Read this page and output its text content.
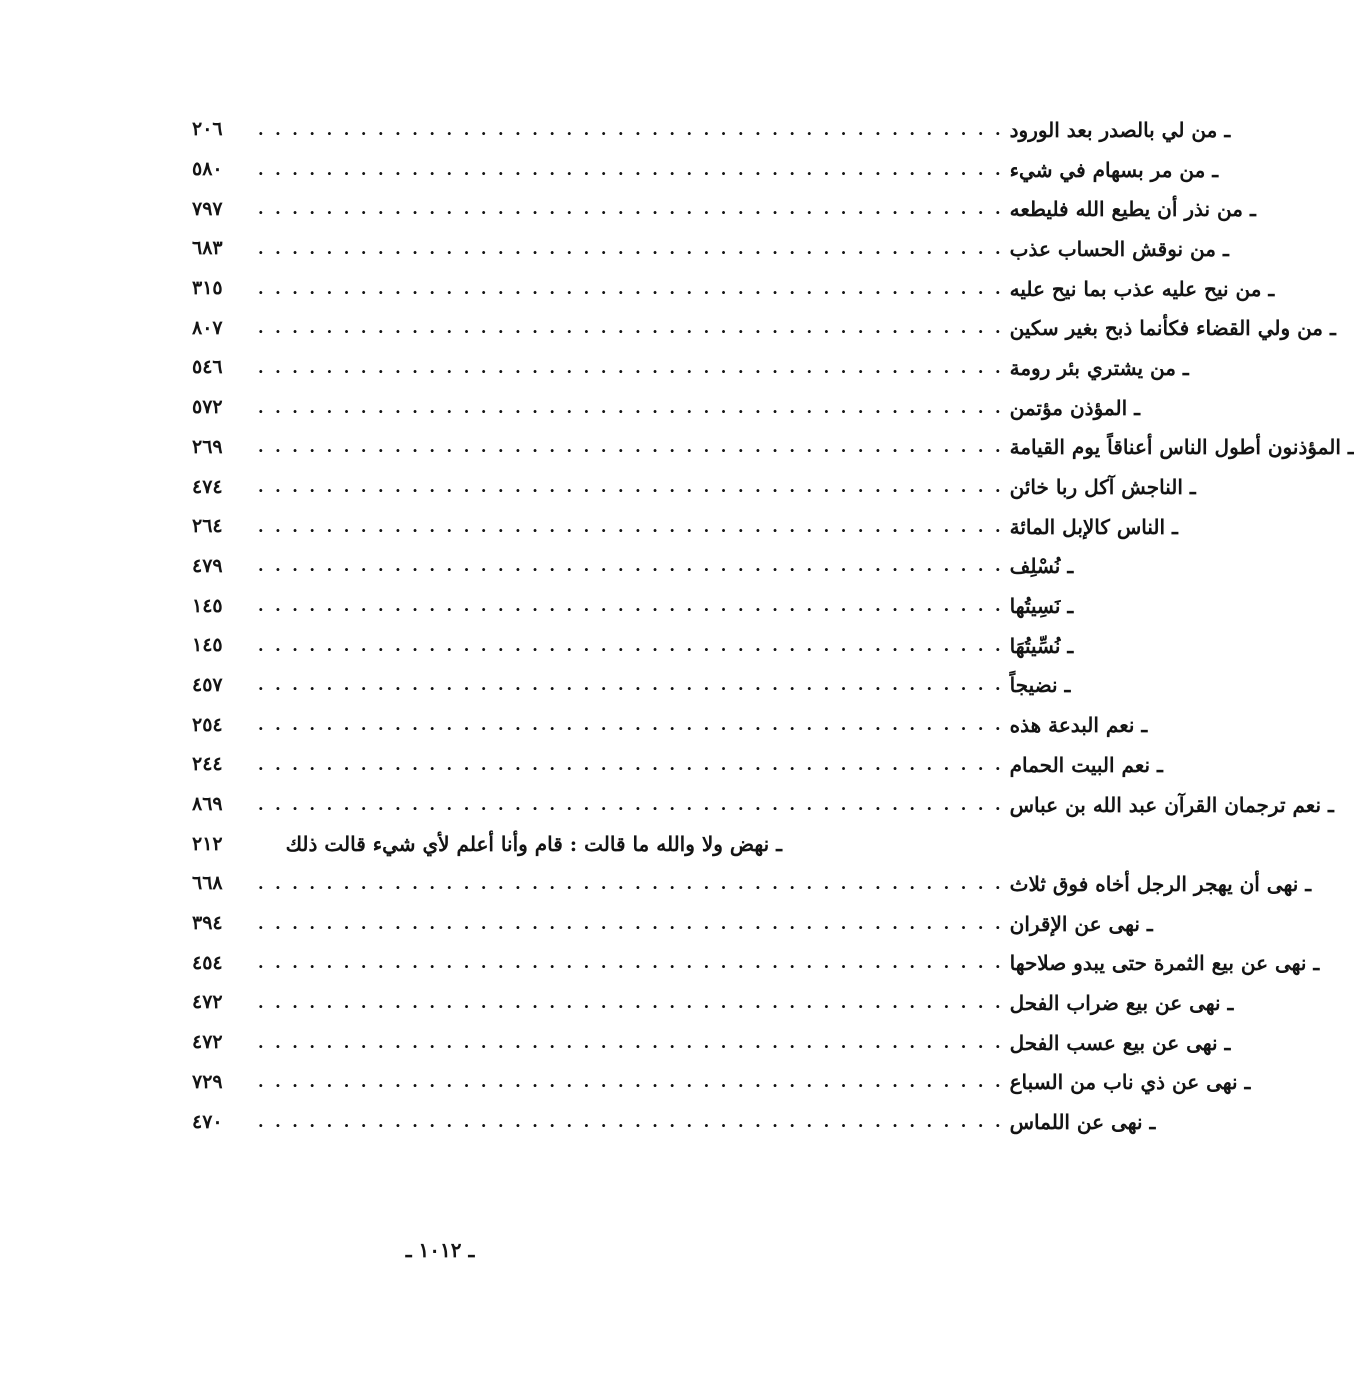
٢٠٦	. . . . . . . . . . . . . . . . . . . . . . . . . . . . . . . . . . . . . . . . . . . . ـ من لي بالصدر بعد الورود
٥٨٠	. . . . . . . . . . . . . . . . . . . . . . . . . . . . . . . . . . . . . . . . . . . . ـ من مر بسهام في شيء
٧٩٧	. . . . . . . . . . . . . . . . . . . . . . . . . . . . . . . . . . . . . . . . . . . . ـ من نذر أن يطيع الله فليطعه
٦٨٣	. . . . . . . . . . . . . . . . . . . . . . . . . . . . . . . . . . . . . . . . . . . . ـ من نوقش الحساب عذب
٣١٥	. . . . . . . . . . . . . . . . . . . . . . . . . . . . . . . . . . . . . . . . . . . . ـ من نيح عليه عذب بما نيح عليه
٨٠٧	. . . . . . . . . . . . . . . . . . . . . . . . . . . . . . . . . . . . . . . . . . . . ـ من ولي القضاء فكأنما ذبح بغير سكين
٥٤٦	. . . . . . . . . . . . . . . . . . . . . . . . . . . . . . . . . . . . . . . . . . . . ـ من يشتري بئر رومة
٥٧٢	. . . . . . . . . . . . . . . . . . . . . . . . . . . . . . . . . . . . . . . . . . . . ـ المؤذن مؤتمن
٢٦٩	. . . . . . . . . . . . . . . . . . . . . . . . . . . . . . . . . . . . . . . . . . . . ـ المؤذنون أطول الناس أعناقاً يوم القيامة
٤٧٤	. . . . . . . . . . . . . . . . . . . . . . . . . . . . . . . . . . . . . . . . . . . . ـ الناجش آكل ربا خائن
٢٦٤	. . . . . . . . . . . . . . . . . . . . . . . . . . . . . . . . . . . . . . . . . . . . ـ الناس كالإبل المائة
٤٧٩	. . . . . . . . . . . . . . . . . . . . . . . . . . . . . . . . . . . . . . . . . . . . ـ نُسْلِف
١٤٥	. . . . . . . . . . . . . . . . . . . . . . . . . . . . . . . . . . . . . . . . . . . . ـ نَسِيتُها
١٤٥	. . . . . . . . . . . . . . . . . . . . . . . . . . . . . . . . . . . . . . . . . . . . ـ نُسِّيتُهَا
٤٥٧	. . . . . . . . . . . . . . . . . . . . . . . . . . . . . . . . . . . . . . . . . . . . ـ نضيجاً
٢٥٤	. . . . . . . . . . . . . . . . . . . . . . . . . . . . . . . . . . . . . . . . . . . . ـ نعم البدعة هذه
٢٤٤	. . . . . . . . . . . . . . . . . . . . . . . . . . . . . . . . . . . . . . . . . . . . ـ نعم البيت الحمام
٨٦٩	. . . . . . . . . . . . . . . . . . . . . . . . . . . . . . . . . . . . . . . . . . . . ـ نعم ترجمان القرآن عبد الله بن عباس
٢١٢	ـ نهض ولا والله ما قالت : قام وأنا أعلم لأي شيء قالت ذلك
٦٦٨	. . . . . . . . . . . . . . . . . . . . . . . . . . . . . . . . . . . . . . . . . . . . ـ نهى أن يهجر الرجل أخاه فوق ثلاث
٣٩٤	. . . . . . . . . . . . . . . . . . . . . . . . . . . . . . . . . . . . . . . . . . . . ـ نهى عن الإقران
٤٥٤	. . . . . . . . . . . . . . . . . . . . . . . . . . . . . . . . . . . . . . . . . . . . ـ نهى عن بيع الثمرة حتى يبدو صلاحها
٤٧٢	. . . . . . . . . . . . . . . . . . . . . . . . . . . . . . . . . . . . . . . . . . . . ـ نهى عن بيع ضراب الفحل
٤٧٢	. . . . . . . . . . . . . . . . . . . . . . . . . . . . . . . . . . . . . . . . . . . . ـ نهى عن بيع عسب الفحل
٧٢٩	. . . . . . . . . . . . . . . . . . . . . . . . . . . . . . . . . . . . . . . . . . . . ـ نهى عن ذي ناب من السباع
٤٧٠	. . . . . . . . . . . . . . . . . . . . . . . . . . . . . . . . . . . . . . . . . . . . ـ نهى عن اللماس
ـ ١٠١٢ ـ
